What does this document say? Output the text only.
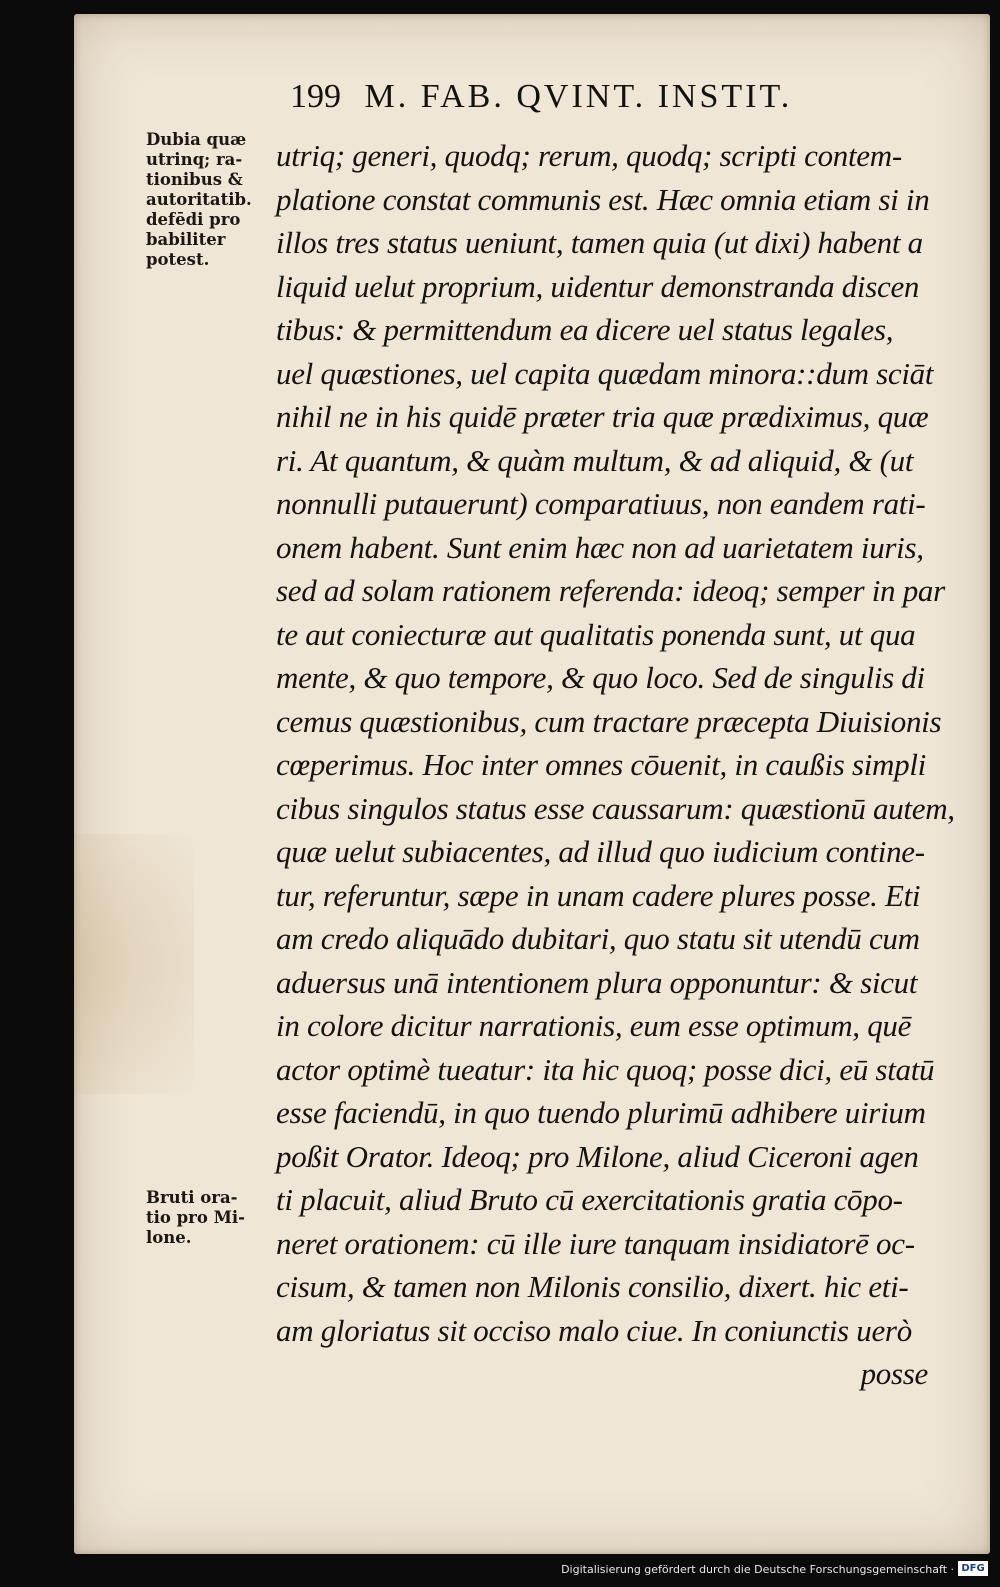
199 M. FAB. QVINT. INSTIT.
Dubia quæ
utrinq; ra-
tionibus &
autoritatib.
defēdi pro
babiliter
potest.
Bruti ora-
tio pro Mi-
lone.
utriq; generi, quodq; rerum, quodq; scripti contem-
platione constat communis est. Hæc omnia etiam si in
illos tres status ueniunt, tamen quia (ut dixi) habent a
liquid uelut proprium, uidentur demonstranda discen
tibus: & permittendum ea dicere uel status legales,
uel quæstiones, uel capita quædam minora::dum sciāt
nihil ne in his quidē præter tria quæ prædiximus, quæ
ri. At quantum, & quàm multum, & ad aliquid, & (ut
nonnulli putauerunt) comparatiuus, non eandem rati-
onem habent. Sunt enim hæc non ad uarietatem iuris,
sed ad solam rationem referenda: ideoq; semper in par
te aut coniecturæ aut qualitatis ponenda sunt, ut qua
mente, & quo tempore, & quo loco. Sed de singulis di
cemus quæstionibus, cum tractare præcepta Diuisionis
cœperimus. Hoc inter omnes cōuenit, in caußis simpli
cibus singulos status esse caussarum: quæstionū autem,
quæ uelut subiacentes, ad illud quo iudicium contine-
tur, referuntur, sæpe in unam cadere plures posse. Eti
am credo aliquādo dubitari, quo statu sit utendū cum
aduersus unā intentionem plura opponuntur: & sicut
in colore dicitur narrationis, eum esse optimum, quē
actor optimè tueatur: ita hic quoq; posse dici, eū statū
esse faciendū, in quo tuendo plurimū adhibere uirium
poßit Orator. Ideoq; pro Milone, aliud Ciceroni agen
ti placuit, aliud Bruto cū exercitationis gratia cōpo-
neret orationem: cū ille iure tanquam insidiatorē oc-
cisum, & tamen non Milonis consilio, dixert. hic eti-
am gloriatus sit occiso malo ciue. In coniunctis uerò
posse
Digitalisierung gefördert durch die Deutsche Forschungsgemeinschaft · DFG
